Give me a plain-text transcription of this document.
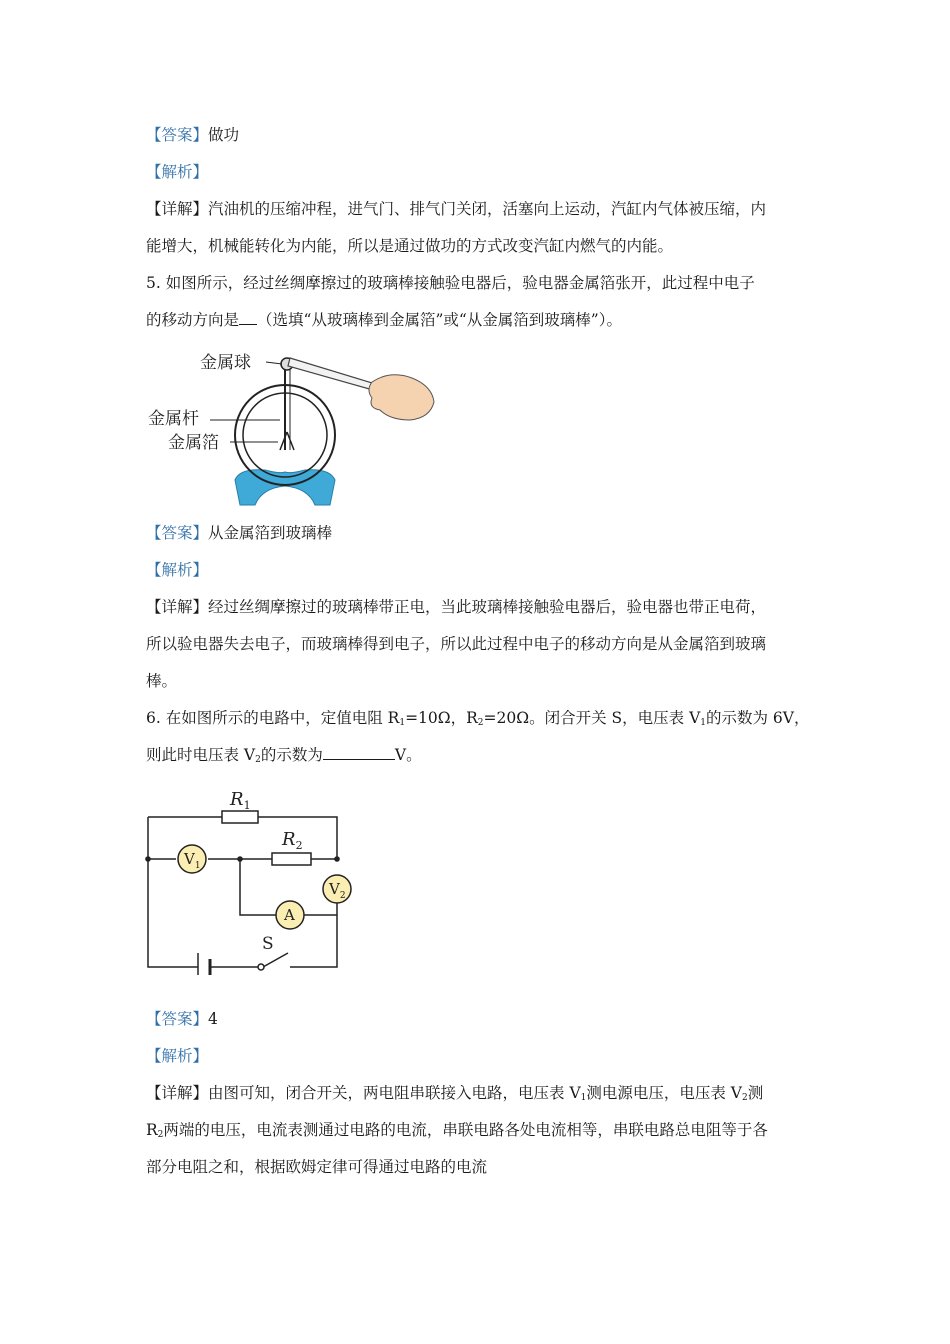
【答案】做功
【解析】
【详解】汽油机的压缩冲程，进气门、排气门关闭，活塞向上运动，汽缸内气体被压缩，内
能增大，机械能转化为内能，所以是通过做功的方式改变汽缸内燃气的内能。
5. 如图所示，经过丝绸摩擦过的玻璃棒接触验电器后，验电器金属箔张开，此过程中电子
的移动方向是 （选填“从玻璃棒到金属箔”或“从金属箔到玻璃棒”）。
金属球
金属杆
金属箔
【答案】从金属箔到玻璃棒
【解析】
【详解】经过丝绸摩擦过的玻璃棒带正电，当此玻璃棒接触验电器后，验电器也带正电荷，
所以验电器失去电子，而玻璃棒得到电子，所以此过程中电子的移动方向是从金属箔到玻璃
棒。
6. 在如图所示的电路中，定值电阻 $R_1=10\Omega$，$R_2=20\Omega$。闭合开关 S，电压表 $V_1$的示数为 6V，
则此时电压表 $V_2$的示数为	V。
$R_1$
$R_2$
$V_1$
$V_2$
A
S
【答案】4
【解析】
【详解】由图可知，闭合开关，两电阻串联接入电路，电压表 $V_1$测电源电压，电压表 $V_2$测
$R_2$两端的电压，电流表测通过电路的电流，串联电路各处电流相等，串联电路总电阻等于各
部分电阻之和，根据欧姆定律可得通过电路的电流
